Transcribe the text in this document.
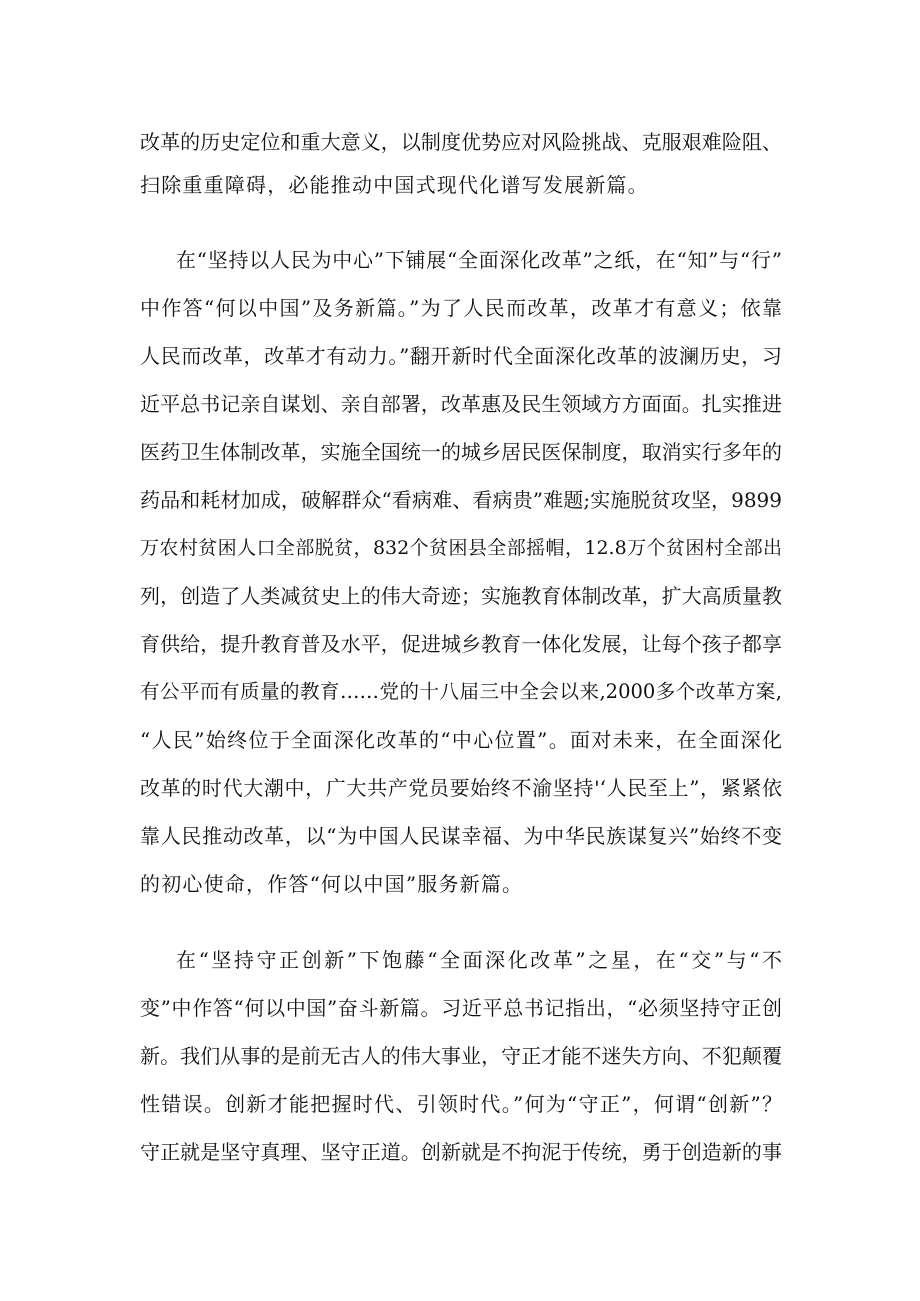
改革的历史定位和重大意义，以制度优势应对风险挑战、克服艰难险阻、
扫除重重障碍，必能推动中国式现代化谱写发展新篇。
在“坚持以人民为中心”下铺展“全面深化改革”之纸，在“知”与“行”
中作答“何以中国”及务新篇。”为了人民而改革，改革才有意义；依靠
人民而改革，改革才有动力。”翻开新时代全面深化改革的波澜历史，习
近平总书记亲自谋划、亲自部署，改革惠及民生领域方方面面。扎实推进
医药卫生体制改革，实施全国统一的城乡居民医保制度，取消实行多年的
药品和耗材加成，破解群众“看病难、看病贵”难题;实施脱贫攻坚，9899
万农村贫困人口全部脱贫，832个贫困县全部摇帽，12.8万个贫困村全部出
列，创造了人类减贫史上的伟大奇迹；实施教育体制改革，扩大高质量教
育供给，提升教育普及水平，促进城乡教育一体化发展，让每个孩子都享
有公平而有质量的教育……党的十八届三中全会以来,2000多个改革方案,
“人民”始终位于全面深化改革的“中心位置”。面对未来，在全面深化
改革的时代大潮中，广大共产党员要始终不渝坚持'‘人民至上”，紧紧依
靠人民推动改革，以“为中国人民谋幸福、为中华民族谋复兴”始终不变
的初心使命，作答“何以中国”服务新篇。
在“坚持守正创新”下饱藤“全面深化改革”之星，在“交”与“不
变”中作答“何以中国”奋斗新篇。习近平总书记指出，“必须坚持守正创
新。我们从事的是前无古人的伟大事业，守正才能不迷失方向、不犯颠覆
性错误。创新才能把握时代、引领时代。”何为“守正”，何谓“创新”？
守正就是坚守真理、坚守正道。创新就是不拘泥于传统，勇于创造新的事
